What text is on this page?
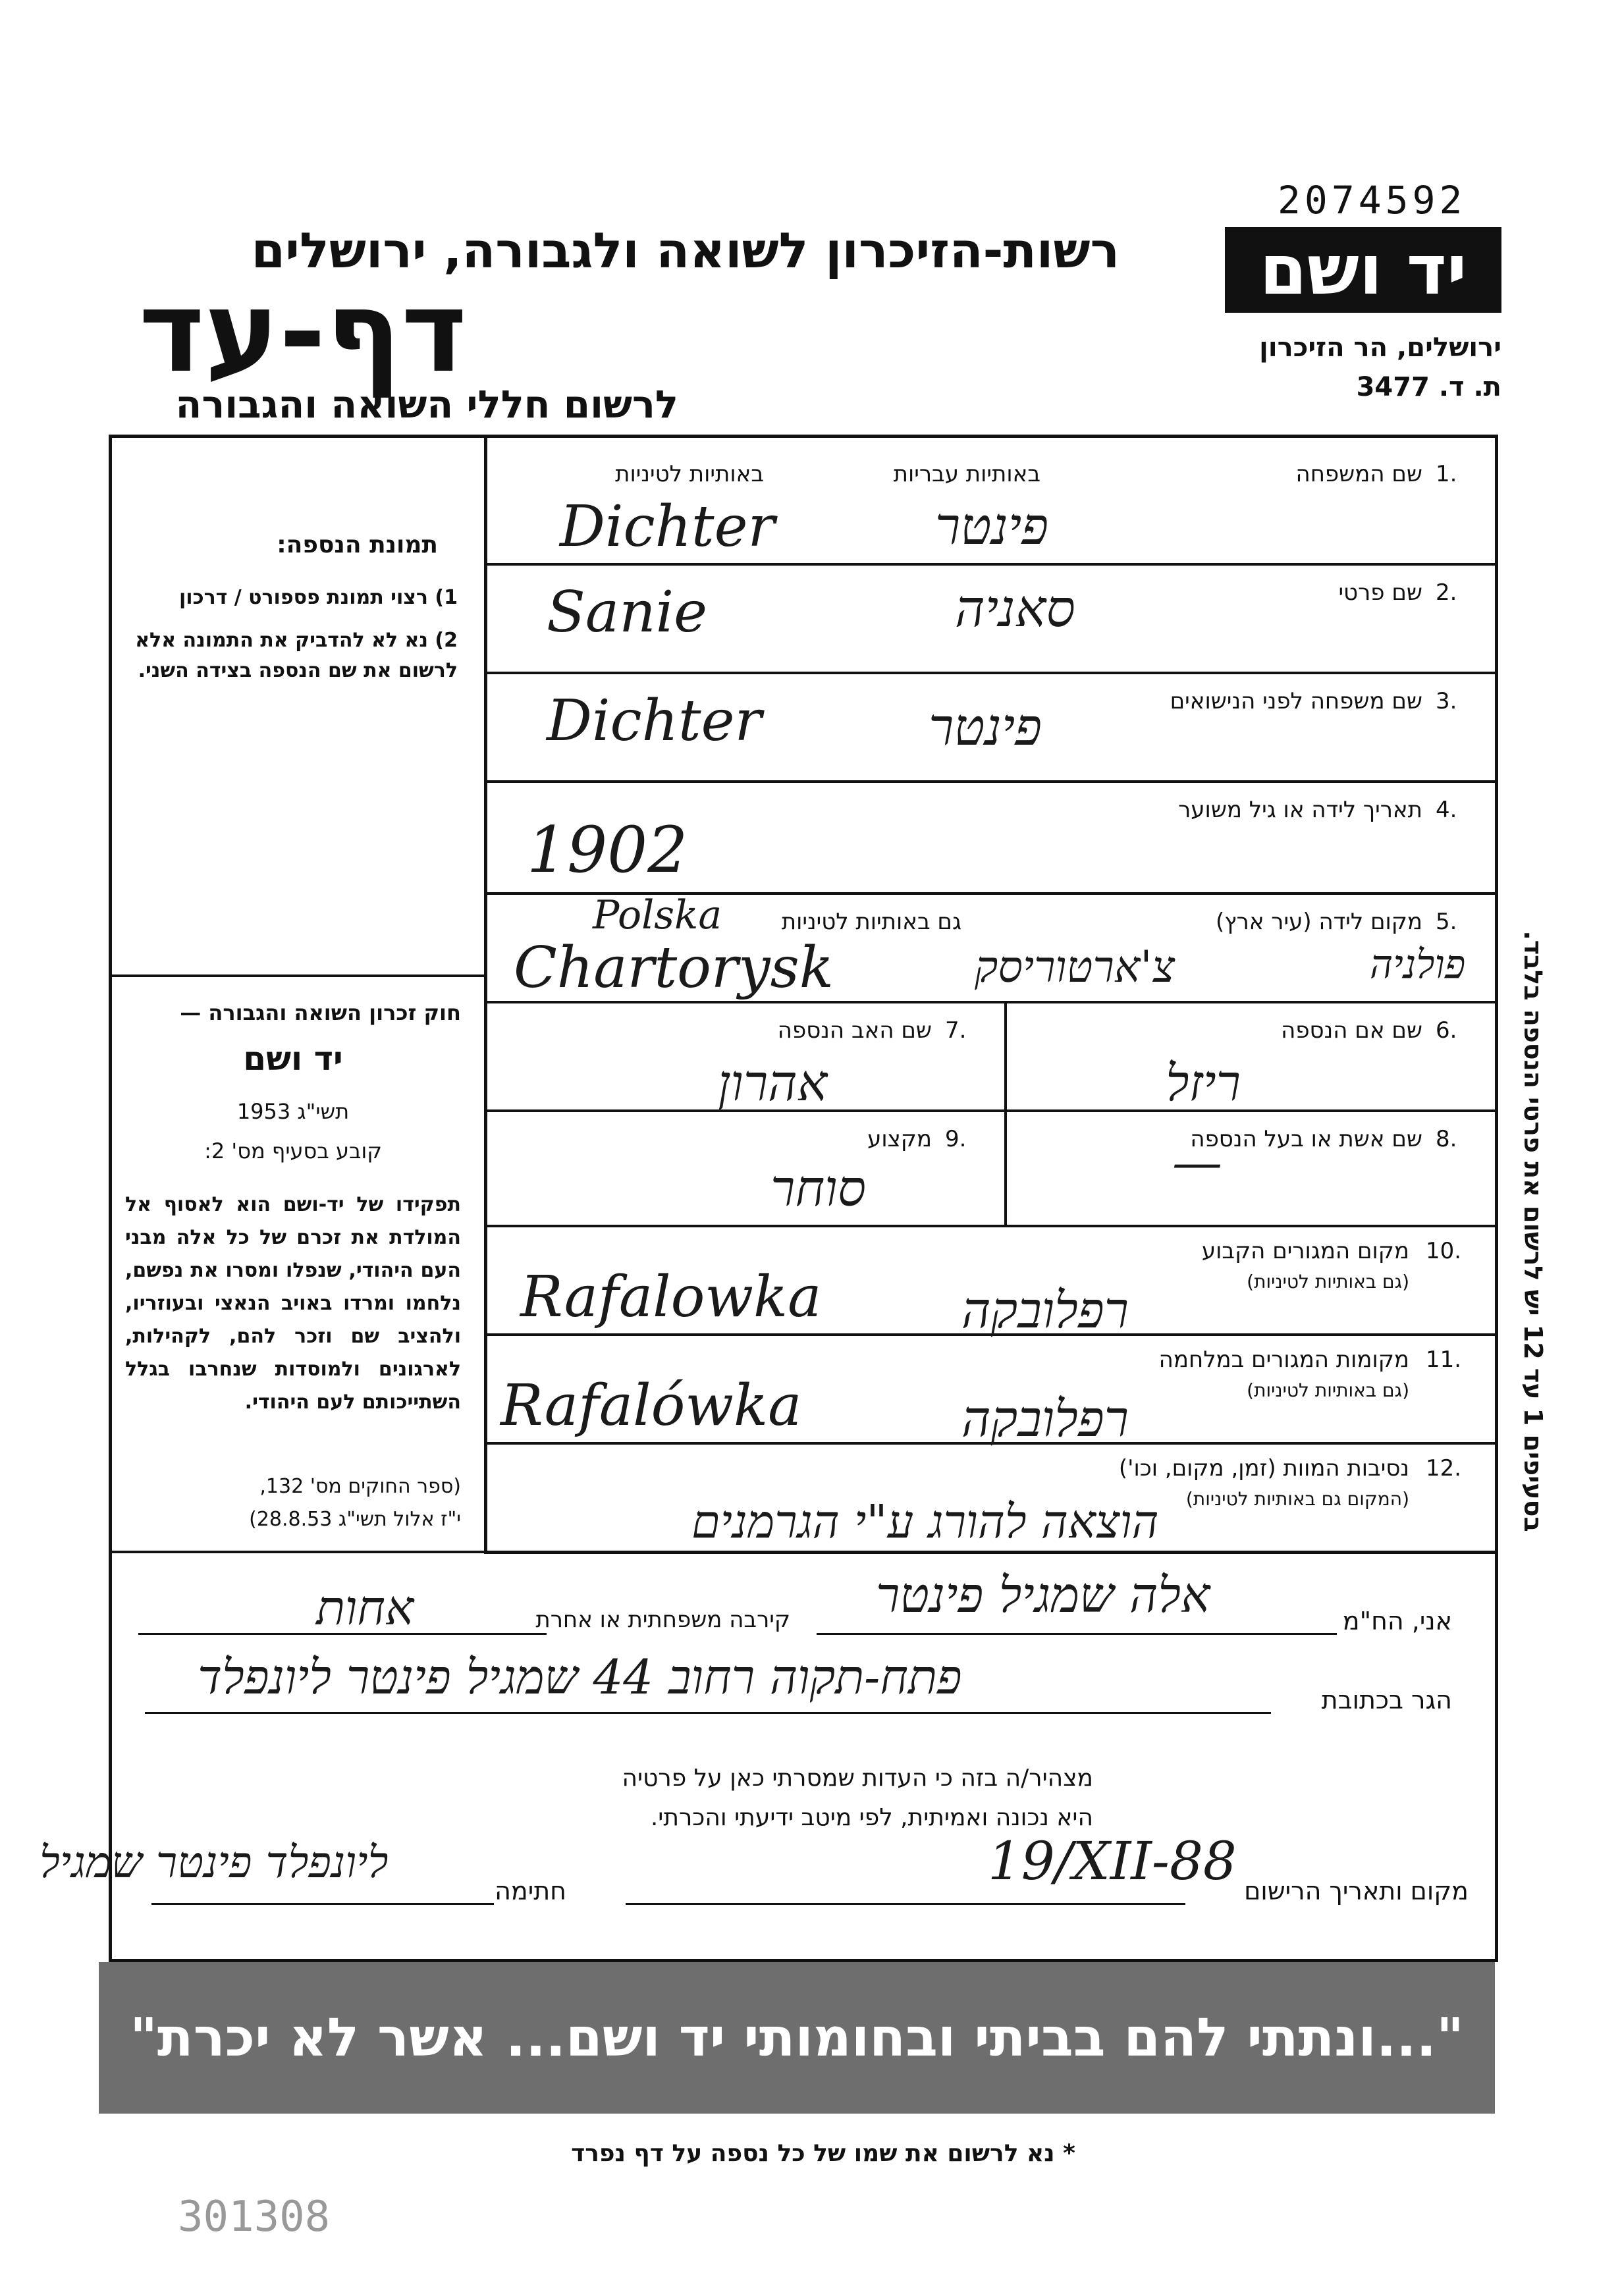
2074592
יד ושם
ירושלים, הר הזיכרון
ת. ד. 3477
רשות-הזיכרון לשואה ולגבורה, ירושלים
דף-עד
לרשום חללי השואה והגבורה
תמונת הנספה:
1) רצוי תמונת פספורט / דרכון
2) נא לא להדביק את התמונה אלא לרשום את שם הנספה בצידה השני.
חוק זכרון השואה והגבורה —
יד ושם
תשי"ג 1953
קובע בסעיף מס' 2:
תפקידו של יד-ושם הוא לאסוף אל המולדת את זכרם של כל אלה מבני העם היהודי, שנפלו ומסרו את נפשם, נלחמו ומרדו באויב הנאצי ובעוזריו, ולהציב שם וזכר להם, לקהילות, לארגונים ולמוסדות שנחרבו בגלל השתייכותם לעם היהודי.
(ספר החוקים מס' 132,
י"ז אלול תשי"ג 28.8.53)
1.
שם המשפחה
באותיות עבריות
באותיות לטיניות
פינטר
Dichter
2.
שם פרטי
סאניה
Sanie
3.
שם משפחה לפני הנישואים
פינטר
Dichter
4.
תאריך לידה או גיל משוער
1902
5.
מקום לידה (עיר ארץ)
גם באותיות לטיניות
פולניה
צ'ארטוריסק
Polska
Chartorysk
6.
שם אם הנספה
ריזל
7.
שם האב הנספה
אהרון
8.
שם אשת או בעל הנספה
—
9.
מקצוע
סוחר
10.
מקום המגורים הקבוע
(גם באותיות לטיניות)
רפלובקה
Rafalowka
11.
מקומות המגורים במלחמה
(גם באותיות לטיניות)
רפלובקה
Rafalówka
12.
נסיבות המוות (זמן, מקום, וכו')
(המקום גם באותיות לטיניות)
הוצאה להורג ע"י הגרמנים
אני, הח"מ
אלה שמגיל פינטר
קירבה משפחתית או אחרת
אחות
הגר בכתובת
פתח-תקוה רחוב 44 שמגיל פינטר ליונפלד
מצהיר/ה בזה כי העדות שמסרתי כאן על פרטיה
היא נכונה ואמיתית, לפי מיטב ידיעתי והכרתי.
מקום ותאריך הרישום
19/XII-88
חתימה
ליונפלד פינטר שמגיל
בסעיפים 1 עד 12 יש לרשום את פרטי הנספה בלבד.
"...ונתתי להם בביתי ובחומותי יד ושם... אשר לא יכרת" ישעיהו נ"ו, ה
* נא לרשום את שמו של כל נספה על דף נפרד
301308
